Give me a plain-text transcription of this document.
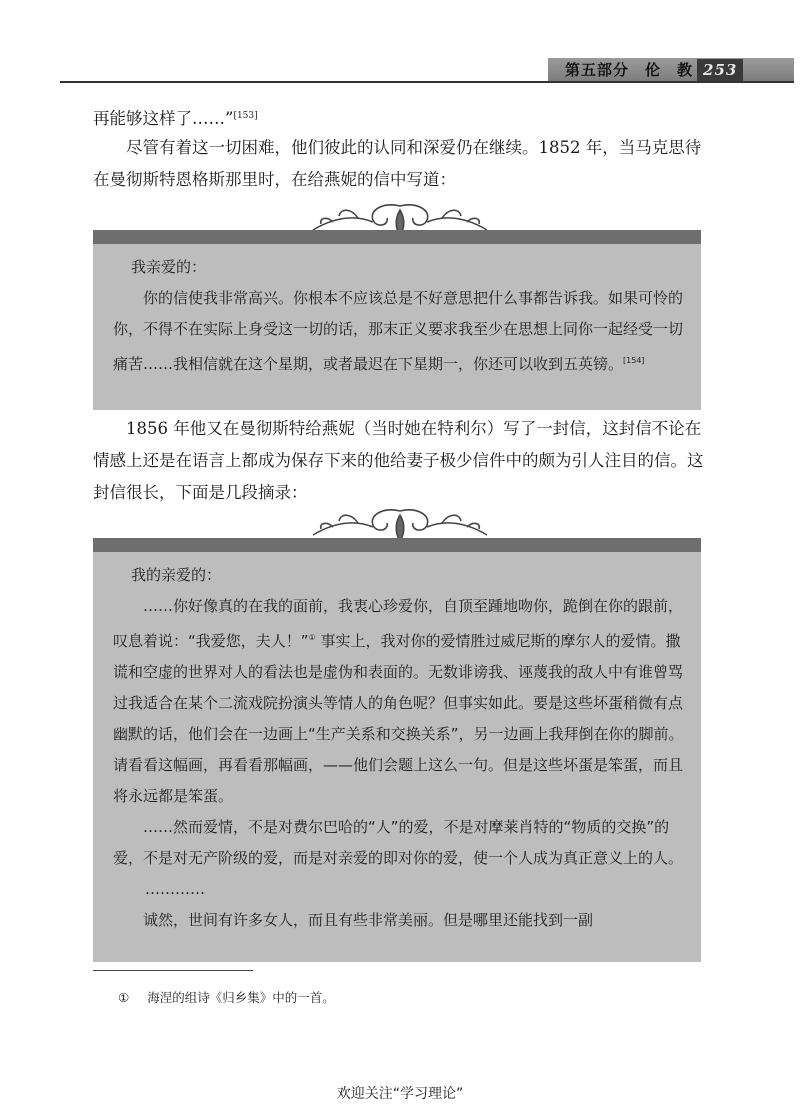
第五部分　伦　教 253

再能够这样了……”[153]

尽管有着这一切困难，他们彼此的认同和深爱仍在继续。1852 年，当马克思待在曼彻斯特恩格斯那里时，在给燕妮的信中写道：

我亲爱的：

你的信使我非常高兴。你根本不应该总是不好意思把什么事都告诉我。如果可怜的你，不得不在实际上身受这一切的话，那末正义要求我至少在思想上同你一起经受一切痛苦……我相信就在这个星期，或者最迟在下星期一，你还可以收到五英镑。[154]

1856 年他又在曼彻斯特给燕妮（当时她在特利尔）写了一封信，这封信不论在情感上还是在语言上都成为保存下来的他给妻子极少信件中的颇为引人注目的信。这封信很长，下面是几段摘录：

我的亲爱的：

……你好像真的在我的面前，我衷心珍爱你，自顶至踵地吻你，跪倒在你的跟前，叹息着说：“我爱您，夫人！”① 事实上，我对你的爱情胜过威尼斯的摩尔人的爱情。撒谎和空虚的世界对人的看法也是虚伪和表面的。无数诽谤我、诬蔑我的敌人中有谁曾骂过我适合在某个二流戏院扮演头等情人的角色呢？但事实如此。要是这些坏蛋稍微有点幽默的话，他们会在一边画上“生产关系和交换关系”，另一边画上我拜倒在你的脚前。请看看这幅画，再看看那幅画，——他们会题上这么一句。但是这些坏蛋是笨蛋，而且将永远都是笨蛋。

……然而爱情，不是对费尔巴哈的“人”的爱，不是对摩莱肖特的“物质的交换”的爱，不是对无产阶级的爱，而是对亲爱的即对你的爱，使一个人成为真正意义上的人。

…………

诚然，世间有许多女人，而且有些非常美丽。但是哪里还能找到一副

① 海涅的组诗《归乡集》中的一首。
欢迎关注“学习理论”
